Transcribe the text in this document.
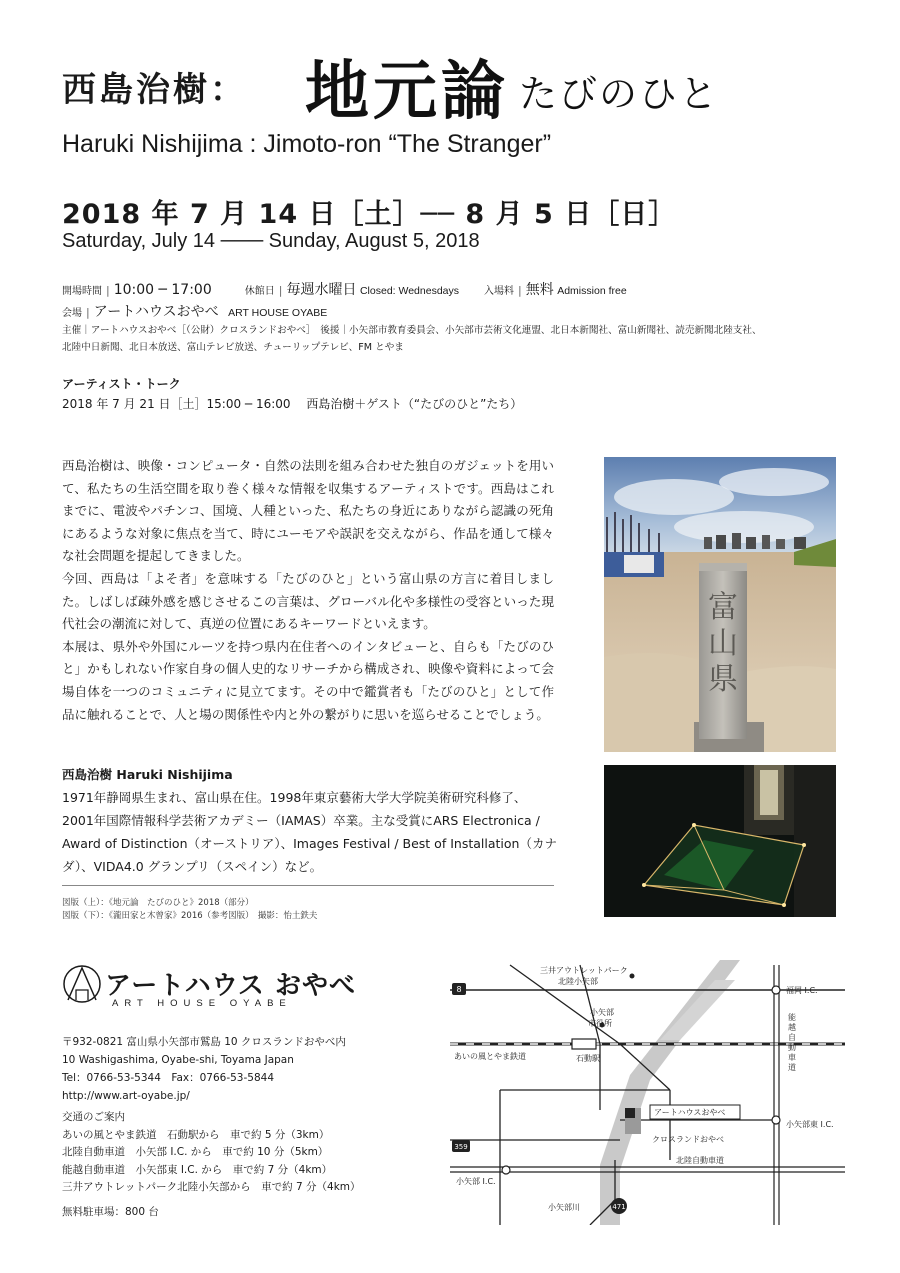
西島治樹： 地元論 たびのひと
Haruki Nishijima : Jimoto-ron “The Stranger”
2018 年 7 月 14 日［土］── 8 月 5 日［日］
Saturday, July 14 ─── Sunday, August 5, 2018
開場時間 | 10:00 ─ 17:00	休館日 | 毎週水曜日 Closed: Wednesdays	入場料 | 無料 Admission free
会場 | アートハウスおやべ ART HOUSE OYABE
主催｜アートハウスおやべ［（公財）クロスランドおやべ］　後援｜小矢部市教育委員会、小矢部市芸術文化連盟、北日本新聞社、富山新聞社、読売新聞北陸支社、
北陸中日新聞、北日本放送、富山テレビ放送、チューリップテレビ、FM とやま
アーティスト・トーク
2018 年 7 月 21 日［土］15:00 ─ 16:00　 西島治樹＋ゲスト（“たびのひと”たち）

西島治樹は、映像・コンピュータ・自然の法則を組み合わせた独自のガジェットを用いて、私たちの生活空間を取り巻く様々な情報を収集するアーティストです。西島はこれまでに、電波やパチンコ、国境、人種といった、私たちの身近にありながら認識の死角にあるような対象に焦点を当て、時にユーモアや誤訳を交えながら、作品を通して様々な社会問題を提起してきました。

今回、西島は「よそ者」を意味する「たびのひと」という富山県の方言に着目しました。しばしば疎外感を感じさせるこの言葉は、グローバル化や多様性の受容といった現代社会の潮流に対して、真逆の位置にあるキーワードといえます。

本展は、県外や外国にルーツを持つ県内在住者へのインタビューと、自らも「たびのひと」かもしれない作家自身の個人史的なリサーチから構成され、映像や資料によって会場自体を一つのコミュニティに見立てます。その中で鑑賞者も「たびのひと」として作品に触れることで、人と場の関係性や内と外の繋がりに思いを巡らせることでしょう。

西島治樹 Haruki Nishijima
1971年静岡県生まれ、富山県在住。1998年東京藝術大学大学院美術研究科修了、2001年国際情報科学芸術アカデミー（IAMAS）卒業。主な受賞にARS Electronica / Award of Distinction（オーストリア）、Images Festival / Best of Installation（カナダ）、VIDA4.0 グランプリ（スペイン）など。
図版（上）：《地元論　たびのひと》2018（部分）
図版（下）：《瀧田家と木曾家》2016（参考図版）　撮影：怡土鉄夫
富
山
県
アートハウス おやべ
ART HOUSE OYABE
〒932-0821 富山県小矢部市鷲島 10 クロスランドおやべ内
10 Washigashima, Oyabe-shi, Toyama Japan
Tel：0766-53-5344　Fax：0766-53-5844
http://www.art-oyabe.jp/
交通のご案内
あいの風とやま鉄道　石動駅から　車で約 5 分（3km）
北陸自動車道　小矢部 I.C. から　車で約 10 分（5km）
能越自動車道　小矢部東 I.C. から　車で約 7 分（4km）
三井アウトレットパーク北陸小矢部から　車で約 7 分（4km）
無料駐車場：800 台
三井アウトレットパーク
北陸小矢部
8	福岡 I.C.
小矢部
市役所
能
越
自
動
車
道
あいの風とやま鉄道	石動駅
アートハウスおやべ
クロスランドおやべ
小矢部東 I.C.
359
北陸自動車道
小矢部 I.C.
小矢部川	471
